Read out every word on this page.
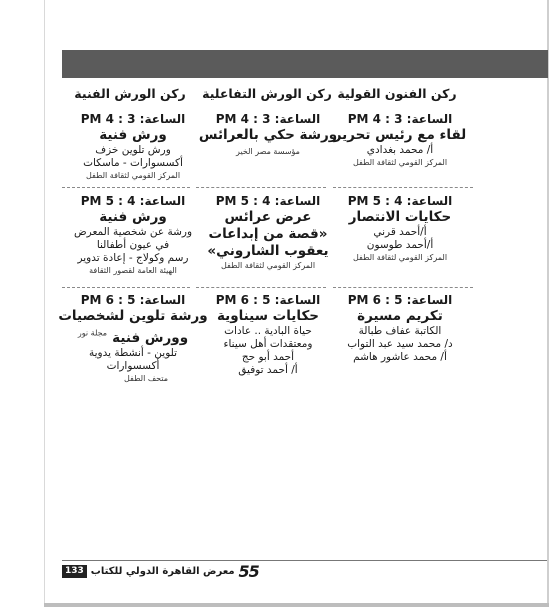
ركن الفنون القولية
ركن الورش التفاعلية
ركن الورش الفنية
الساعة: 3 : 4 PM
لقاء مع رئيس تحرير
أ/ محمد بغدادي
المركز القومي لثقافة الطفل
الساعة: 3 : 4 PM
ورشة حكي بالعرائس
مؤسسة مصر الخير
الساعة: 3 : 4 PM
ورش فنية
ورش تلوين خزف
أكسسوارات - ماسكات
المركز القومي لثقافة الطفل
الساعة: 4 : 5 PM
حكايات الانتصار
أ/أحمد قرني
أ/أحمد طوسون
المركز القومي لثقافة الطفل
الساعة: 4 : 5 PM
عرض عرائس
«قصة من إبداعات
يعقوب الشاروني»
المركز القومي لثقافة الطفل
الساعة: 4 : 5 PM
ورش فنية
ورشة عن شخصية المعرض
في عيون أطفالنا
رسم وكولاج - إعادة تدوير
الهيئة العامة لقصور الثقافة
الساعة: 5 : 6 PM
تكريم مسيرة
الكاتبة عفاف طبالة
د/ محمد سيد عبد التواب
أ/ محمد عاشور هاشم
الساعة: 5 : 6 PM
حكايات سيناوية
حياة البادية .. عادات
ومعتقدات أهل سيناء
أحمد أبو حج
أ/ أحمد توفيق
الساعة: 5 : 6 PM
ورشة تلوين لشخصيات
وورش فنية $^{مجلة نور}$
تلوين - أنشطة يدوية
أكسسوارات
متحف الطفل
133 معرض القاهرة الدولي للكتاب 55
